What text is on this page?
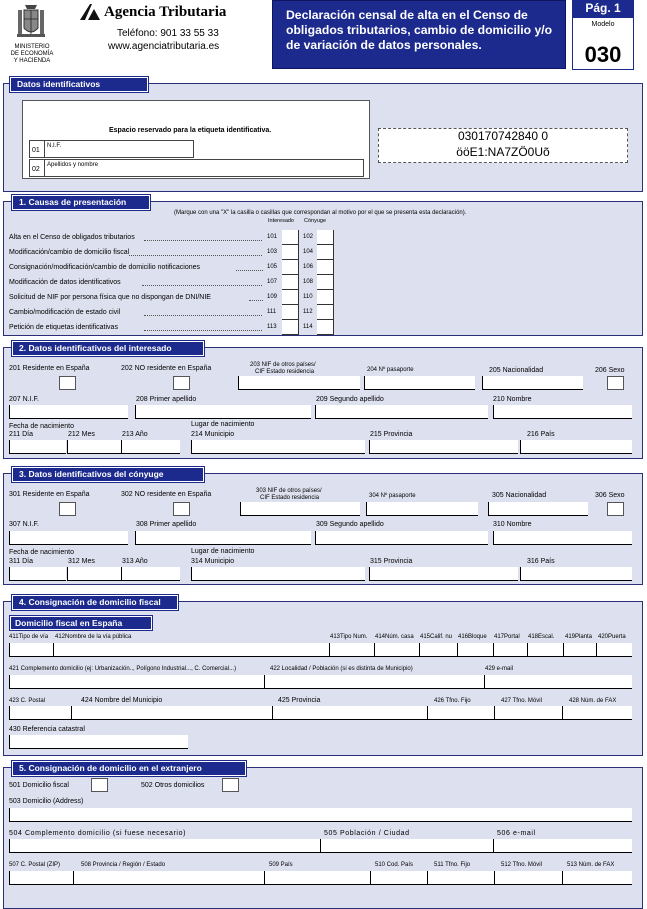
MINISTERIO
DE ECONOMÍA
Y HACIENDA
Agencia Tributaria
Teléfono: 901 33 55 33
www.agenciatributaria.es
Declaración censal de alta en el Censo de obligados tributarios, cambio de domicilio y/o de variación de datos personales.
Pág. 1
Modelo
030
Datos identificativos
Espacio reservado para la etiqueta identificativa.
01
N.I.F.
02
Apellidos y nombre
030170742840 0
ööE1:NA7ZÖ0Uõ
1. Causas de presentación
(Marque con una "X" la casilla o casillas que correspondan al motivo por el que se presenta esta declaración).
Interesado Cónyuge
Alta en el Censo de obligados tributarios	101	102
Modificación/cambio de domicilio fiscal	103	104
Consignación/modificación/cambio de domicilio notificaciones	105	106
Modificación de datos identificativos	107	108
Solicitud de NIF por persona física que no dispongan de DNI/NIE	109	110
Cambio/modificación de estado civil	111	112
Petición de etiquetas identificativas	113	114
2. Datos identificativos del interesado
201 Residente en España	202 NO residente en España	203 NIF de otros países/
CIF Estado residencia	204 Nº pasaporte	205 Nacionalidad	206 Sexo
207 N.I.F.	208 Primer apellido	209 Segundo apellido	210 Nombre
Fecha de nacimiento	Lugar de nacimiento
211 Día	212 Mes	213 Año	214 Municipio	215 Provincia	216 País
3. Datos identificativos del cónyuge
301 Residente en España	302 NO residente en España	303 NIF de otros países/
CIF Estado residencia	304 Nº pasaporte	305 Nacionalidad	306 Sexo
307 N.I.F.	308 Primer apellido	309 Segundo apellido	310 Nombre
Fecha de nacimiento	Lugar de nacimiento
311 Día	312 Mes	313 Año	314 Municipio	315 Provincia	316 País
4. Consignación de domicilio fiscal
Domicilio fiscal en España
411Tipo de vía 412Nombre de la vía pública	413Tipo Num. 414Núm. casa 415Calif. nu 416Bloque 417Portal 418Escal. 419Planta 420Puerta
421 Complemento domicilio (ej: Urbanización.., Polígono Industrial..., C. Comercial...)	422 Localidad / Población (si es distinta de Municipio)	429 e-mail
423 C. Postal	424 Nombre del Municipio	425 Provincia	426 Tfno. Fijo	427 Tfno. Móvil	428 Núm. de FAX
430 Referencia catastral
5. Consignación de domicilio en el extranjero
501 Domicilio fiscal	502 Otros domicilios
503 Domicilio (Address)
504 Complemento domicilio (si fuese necesario)	505 Población / Ciudad	506 e-mail
507 C. Postal (ZIP)	508 Provincia / Región / Estado	509 País	510 Cod. País	511 Tfno. Fijo	512 Tfno. Móvil	513 Núm. de FAX
